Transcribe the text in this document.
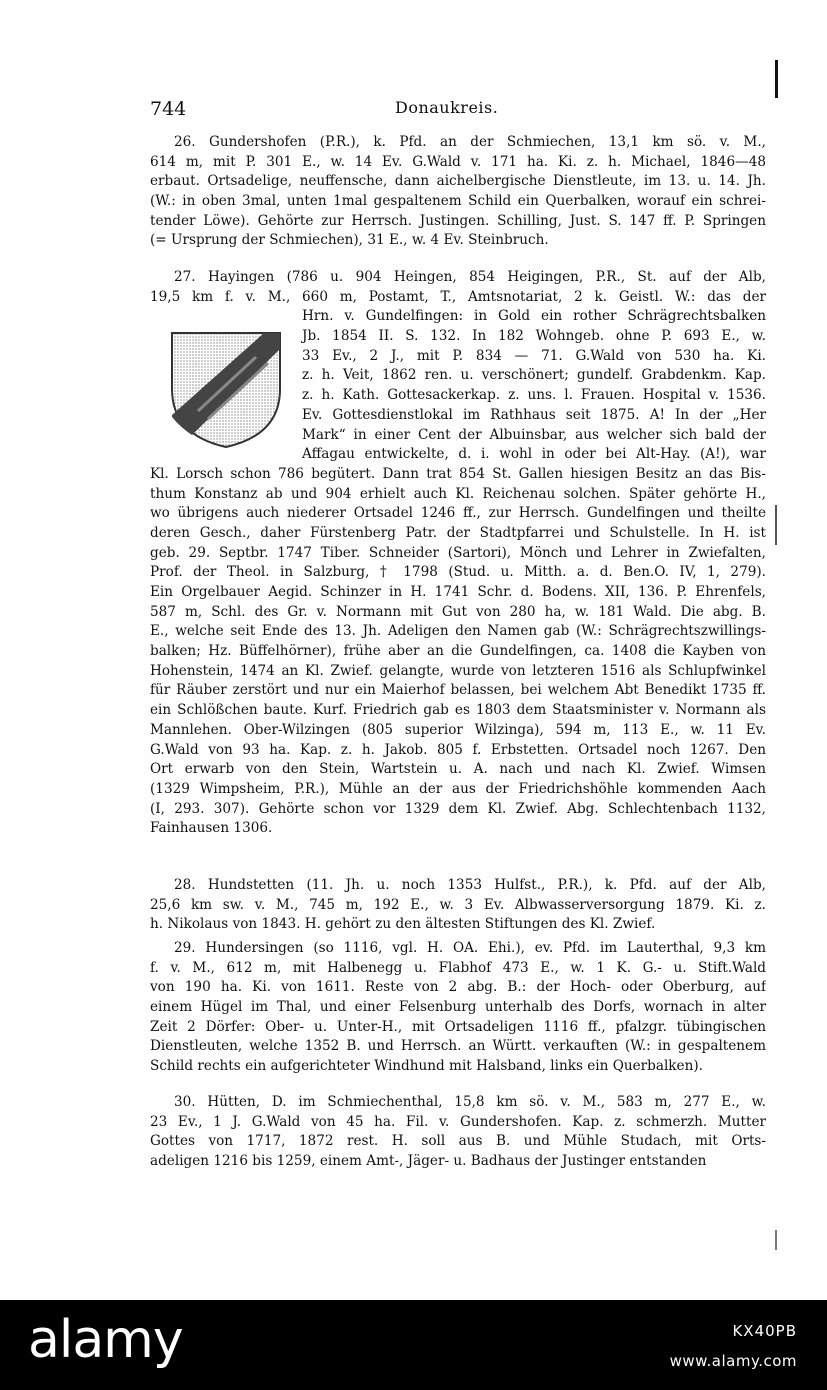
744	Donaukreis.
26. Gundershofen (P.R.), k. Pfd. an der Schmiechen, 13,1 km sö. v. M.,
614 m, mit P. 301 E., w. 14 Ev. G.Wald v. 171 ha. Ki. z. h. Michael, 1846—48
erbaut. Ortsadelige, neuffensche, dann aichelbergische Dienstleute, im 13. u. 14. Jh.
(W.: in oben 3mal, unten 1mal gespaltenem Schild ein Querbalken, worauf ein schrei-
tender Löwe). Gehörte zur Herrsch. Justingen. Schilling, Just. S. 147 ff. P. Springen
(= Ursprung der Schmiechen), 31 E., w. 4 Ev. Steinbruch.
27. Hayingen (786 u. 904 Heingen, 854 Heigingen, P.R., St. auf der Alb,
19,5 km f. v. M., 660 m, Postamt, T., Amtsnotariat, 2 k. Geistl. W.: das der
Hrn. v. Gundelfingen: in Gold ein rother Schrägrechtsbalken
Jb. 1854 II. S. 132. In 182 Wohngeb. ohne P. 693 E., w.
33 Ev., 2 J., mit P. 834 — 71. G.Wald von 530 ha. Ki.
z. h. Veit, 1862 ren. u. verschönert; gundelf. Grabdenkm. Kap.
z. h. Kath. Gottesackerkap. z. uns. l. Frauen. Hospital v. 1536.
Ev. Gottesdienstlokal im Rathhaus seit 1875. A! In der „Her
Mark“ in einer Cent der Albuinsbar, aus welcher sich bald der
Affagau entwickelte, d. i. wohl in oder bei Alt-Hay. (A!), war
Kl. Lorsch schon 786 begütert. Dann trat 854 St. Gallen hiesigen Besitz an das Bis-
thum Konstanz ab und 904 erhielt auch Kl. Reichenau solchen. Später gehörte H.,
wo übrigens auch niederer Ortsadel 1246 ff., zur Herrsch. Gundelfingen und theilte
deren Gesch., daher Fürstenberg Patr. der Stadtpfarrei und Schulstelle. In H. ist
geb. 29. Septbr. 1747 Tiber. Schneider (Sartori), Mönch und Lehrer in Zwiefalten,
Prof. der Theol. in Salzburg, † 1798 (Stud. u. Mitth. a. d. Ben.O. IV, 1, 279).
Ein Orgelbauer Aegid. Schinzer in H. 1741 Schr. d. Bodens. XII, 136. P. Ehrenfels,
587 m, Schl. des Gr. v. Normann mit Gut von 280 ha, w. 181 Wald. Die abg. B.
E., welche seit Ende des 13. Jh. Adeligen den Namen gab (W.: Schrägrechtszwillings-
balken; Hz. Büffelhörner), frühe aber an die Gundelfingen, ca. 1408 die Kayben von
Hohenstein, 1474 an Kl. Zwief. gelangte, wurde von letzteren 1516 als Schlupfwinkel
für Räuber zerstört und nur ein Maierhof belassen, bei welchem Abt Benedikt 1735 ff.
ein Schlößchen baute. Kurf. Friedrich gab es 1803 dem Staatsminister v. Normann als
Mannlehen. Ober-Wilzingen (805 superior Wilzinga), 594 m, 113 E., w. 11 Ev.
G.Wald von 93 ha. Kap. z. h. Jakob. 805 f. Erbstetten. Ortsadel noch 1267. Den
Ort erwarb von den Stein, Wartstein u. A. nach und nach Kl. Zwief. Wimsen
(1329 Wimpsheim, P.R.), Mühle an der aus der Friedrichshöhle kommenden Aach
(I, 293. 307). Gehörte schon vor 1329 dem Kl. Zwief. Abg. Schlechtenbach 1132,
Fainhausen 1306.
28. Hundstetten (11. Jh. u. noch 1353 Hulfst., P.R.), k. Pfd. auf der Alb,
25,6 km sw. v. M., 745 m, 192 E., w. 3 Ev. Albwasserversorgung 1879. Ki. z.
h. Nikolaus von 1843. H. gehört zu den ältesten Stiftungen des Kl. Zwief.
29. Hundersingen (so 1116, vgl. H. OA. Ehi.), ev. Pfd. im Lauterthal, 9,3 km
f. v. M., 612 m, mit Halbenegg u. Flabhof 473 E., w. 1 K. G.- u. Stift.Wald
von 190 ha. Ki. von 1611. Reste von 2 abg. B.: der Hoch- oder Oberburg, auf
einem Hügel im Thal, und einer Felsenburg unterhalb des Dorfs, wornach in alter
Zeit 2 Dörfer: Ober- u. Unter-H., mit Ortsadeligen 1116 ff., pfalzgr. tübingischen
Dienstleuten, welche 1352 B. und Herrsch. an Württ. verkauften (W.: in gespaltenem
Schild rechts ein aufgerichteter Windhund mit Halsband, links ein Querbalken).
30. Hütten, D. im Schmiechenthal, 15,8 km sö. v. M., 583 m, 277 E., w.
23 Ev., 1 J. G.Wald von 45 ha. Fil. v. Gundershofen. Kap. z. schmerzh. Mutter
Gottes von 1717, 1872 rest. H. soll aus B. und Mühle Studach, mit Orts-
adeligen 1216 bis 1259, einem Amt-, Jäger- u. Badhaus der Justinger entstanden
alamy	KX40PB
www.alamy.com
